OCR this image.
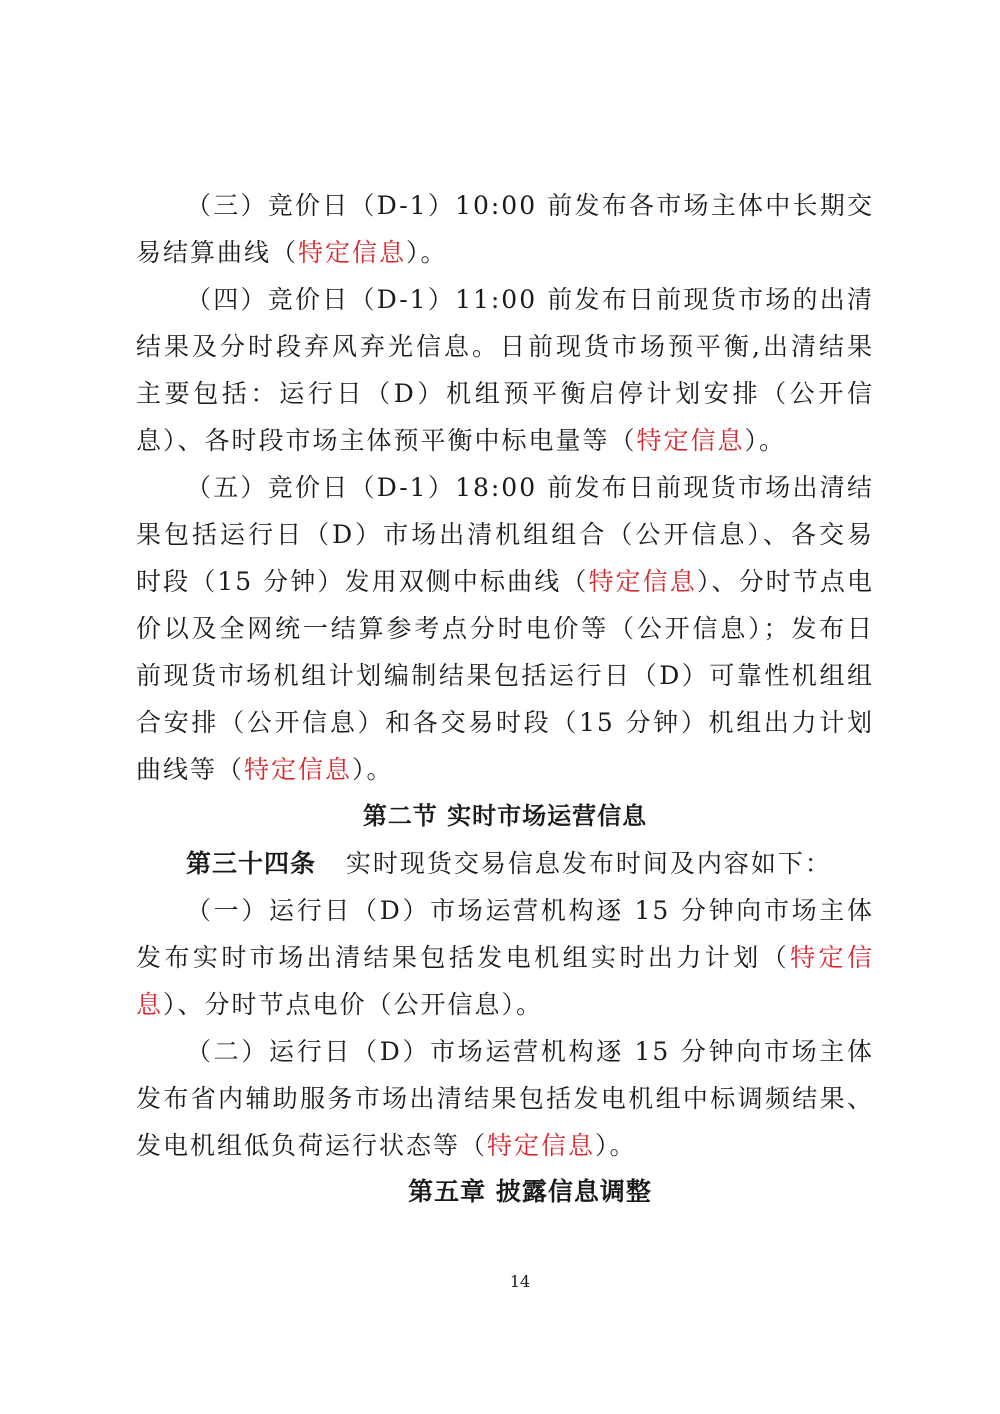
（三）竞价日（D-1）10:00 前发布各市场主体中长期交易结算曲线（特定信息）。

（四）竞价日（D-1）11:00 前发布日前现货市场的出清结果及分时段弃风弃光信息。日前现货市场预平衡,出清结果主要包括：运行日（D）机组预平衡启停计划安排（公开信息）、各时段市场主体预平衡中标电量等（特定信息）。

（五）竞价日（D-1）18:00 前发布日前现货市场出清结果包括运行日（D）市场出清机组组合（公开信息）、各交易时段（15 分钟）发用双侧中标曲线（特定信息）、分时节点电价以及全网统一结算参考点分时电价等（公开信息）；发布日前现货市场机组计划编制结果包括运行日（D）可靠性机组组合安排（公开信息）和各交易时段（15 分钟）机组出力计划曲线等（特定信息）。

第二节 实时市场运营信息

第三十四条 实时现货交易信息发布时间及内容如下：

（一）运行日（D）市场运营机构逐 15 分钟向市场主体发布实时市场出清结果包括发电机组实时出力计划（特定信息）、分时节点电价（公开信息）。

（二）运行日（D）市场运营机构逐 15 分钟向市场主体发布省内辅助服务市场出清结果包括发电机组中标调频结果、发电机组低负荷运行状态等（特定信息）。

第五章 披露信息调整

14
